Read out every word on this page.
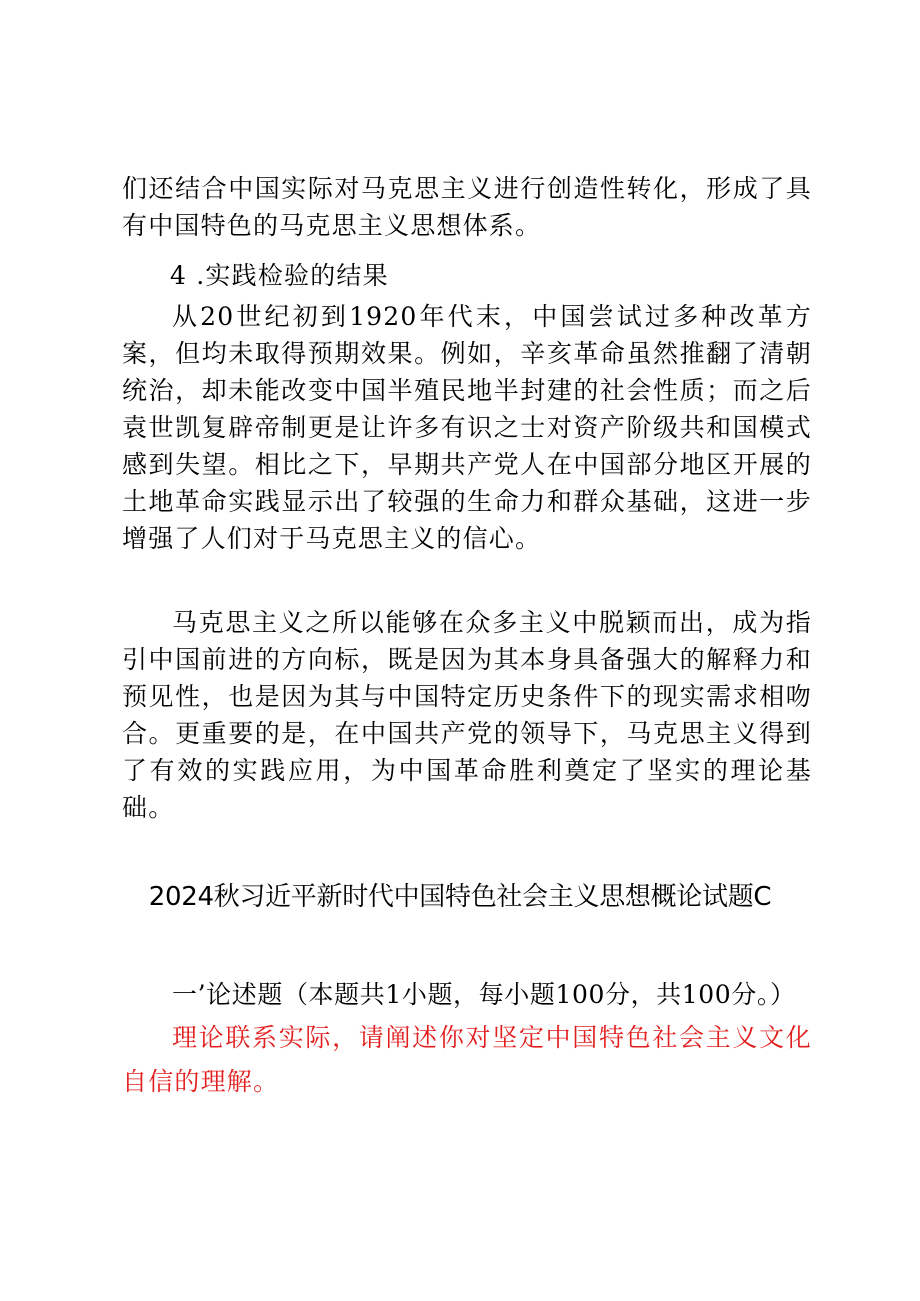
们还结合中国实际对马克思主义进行创造性转化，形成了具有中国特色的马克思主义思想体系。

4 .实践检验的结果

从20世纪初到1920年代末，中国尝试过多种改革方案，但均未取得预期效果。例如，辛亥革命虽然推翻了清朝统治，却未能改变中国半殖民地半封建的社会性质；而之后袁世凯复辟帝制更是让许多有识之士对资产阶级共和国模式感到失望。相比之下，早期共产党人在中国部分地区开展的土地革命实践显示出了较强的生命力和群众基础，这进一步增强了人们对于马克思主义的信心。

马克思主义之所以能够在众多主义中脱颖而出，成为指引中国前进的方向标，既是因为其本身具备强大的解释力和预见性，也是因为其与中国特定历史条件下的现实需求相吻合。更重要的是，在中国共产党的领导下，马克思主义得到了有效的实践应用，为中国革命胜利奠定了坚实的理论基础。

2024秋习近平新时代中国特色社会主义思想概论试题C

一’论述题（本题共1小题，每小题100分，共100分。）

理论联系实际，请阐述你对坚定中国特色社会主义文化自信的理解。
